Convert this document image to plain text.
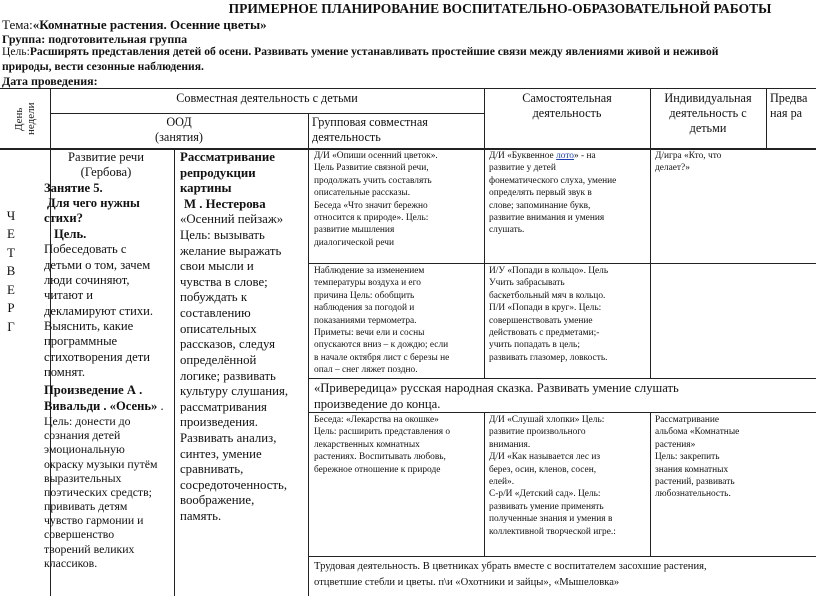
ПРИМЕРНОЕ ПЛАНИРОВАНИЕ ВОСПИТАТЕЛЬНО-ОБРАЗОВАТЕЛЬНОЙ РАБОТЫ
Тема:«Комнатные растения. Осенние цветы»
Группа: подготовительная группа
Цель:Расширять представления детей об осени. Развивать умение устанавливать простейшие связи между явлениями живой и неживой
природы, вести сезонные наблюдения.
Дата проведения:
День недели
Совместная деятельность с детьми
ООД
(занятия)
Групповая совместная
деятельность
Самостоятельная
деятельность
Индивидуальная
деятельность с
детьми
Предва
ная ра
Ч
Е
Т
В
Е
Р
Г
Развитие речи
(Гербова)
Занятие 5.
Для чего нужны
стихи?
Цель.
Побеседовать с
детьми о том, зачем
люди сочиняют,
читают и
декламируют стихи.
Выяснить, какие
программные
стихотворения дети
помнят.
Произведение А .
Вивальди . «Осень» .
Цель: донести до
сознания детей
эмоциональную
окраску музыки путём
выразительных
поэтических средств;
прививать детям
чувство гармонии и
совершенство
творений великих
классиков.
Рассматривание
репродукции
картины
М . Нестерова
«Осенний пейзаж»
Цель: вызывать
желание выражать
свои мысли и
чувства в слове;
побуждать к
составлению
описательных
рассказов, следуя
определённой
логике; развивать
культуру слушания,
рассматривания
произведения.
Развивать анализ,
синтез, умение
сравнивать,
сосредоточенность,
воображение,
память.
Д/И «Опиши осенний цветок».
Цель Развитие связной речи,
продолжать учить составлять
описательные рассказы.
Беседа «Что значит бережно
относится к природе». Цель:
развитие мышления
диалогической речи
Наблюдение за изменением
температуры воздуха и его
причина Цель: обобщить
наблюдения за погодой и
показаниями термометра.
Приметы: вечи ели и сосны
опускаются вниз – к дождю; если
в начале октября лист с березы не
опал – снег ляжет поздно.
Беседа: «Лекарства на окошке»
Цель: расширить представления о
лекарственных комнатных
растениях. Воспитывать любовь,
бережное отношение к природе
Д/И «Буквенное лото» - на
развитие у детей
фонематического слуха, умение
определять первый звук в
слове; запоминание букв,
развитие внимания и умения
слушать.
И/У «Попади в кольцо». Цель
Учить забрасывать
баскетбольный мяч в кольцо.
П/И «Попади в круг». Цель:
совершенствовать умение
действовать с предметами;-
учить попадать в цель;
развивать глазомер, ловкость.
Д/И «Слушай хлопки» Цель:
развитие произвольного
внимания.
Д/И «Как называется лес из
берез, осин, кленов, сосен,
елей».
С-р/И «Детский сад». Цель:
развивать умение применять
полученные знания и умения в
коллективной творческой игре.:
Д/игра «Кто, что
делает?»
Рассматривание
альбома «Комнатные
растения»
Цель: закрепить
знания комнатных
растений, развивать
любознательность.
«Привередица» русская народная сказка. Развивать умение слушать
произведение до конца.
Трудовая деятельность. В цветниках убрать вместе с воспитателем засохшие растения,
отцветшие стебли и цветы. п\и «Охотники и зайцы», «Мышеловка»
